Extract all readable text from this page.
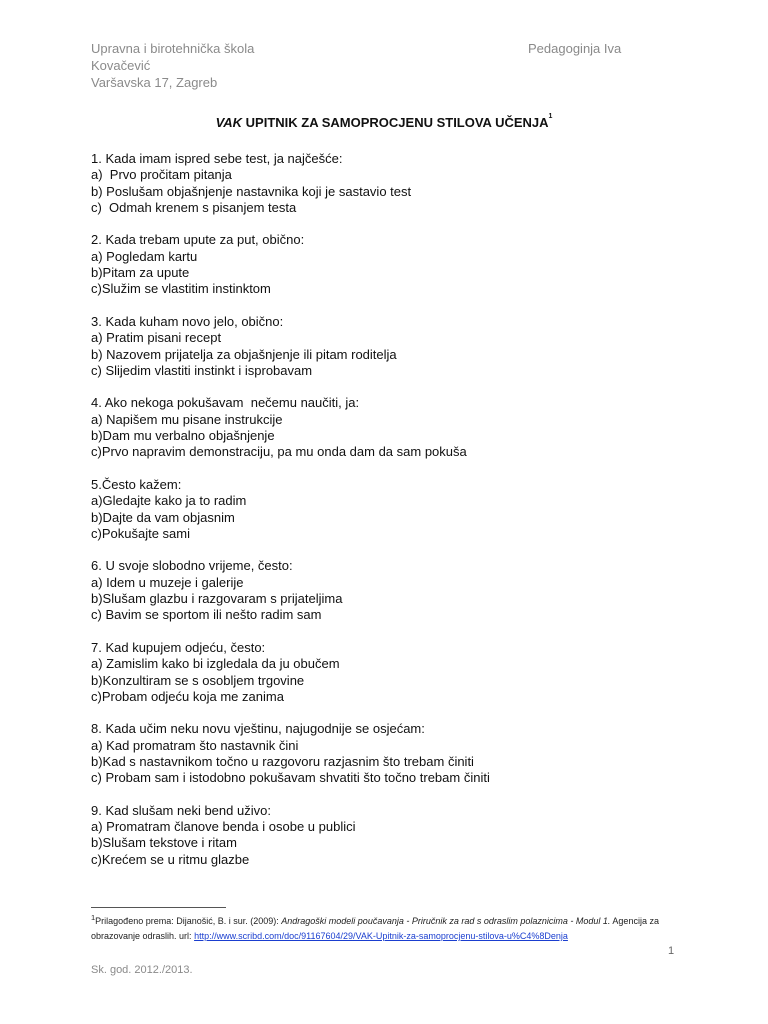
Upravna i birotehnička škola
Kovačević
Varšavska 17, Zagreb
Pedagoginja Iva
VAK UPITNIK ZA SAMOPROCJENU STILOVA UČENJA$^1$

1. Kada imam ispred sebe test, ja najčešće:

a)  Prvo pročitam pitanja

b) Poslušam objašnjenje nastavnika koji je sastavio test

c)  Odmah krenem s pisanjem testa

2. Kada trebam upute za put, obično:

a) Pogledam kartu

b)Pitam za upute

c)Služim se vlastitim instinktom

3. Kada kuham novo jelo, obično:

a) Pratim pisani recept

b) Nazovem prijatelja za objašnjenje ili pitam roditelja

c) Slijedim vlastiti instinkt i isprobavam

4. Ako nekoga pokušavam  nečemu naučiti, ja:

a) Napišem mu pisane instrukcije

b)Dam mu verbalno objašnjenje

c)Prvo napravim demonstraciju, pa mu onda dam da sam pokuša

5.Često kažem:

a)Gledajte kako ja to radim

b)Dajte da vam objasnim

c)Pokušajte sami

6. U svoje slobodno vrijeme, često:

a) Idem u muzeje i galerije

b)Slušam glazbu i razgovaram s prijateljima

c) Bavim se sportom ili nešto radim sam

7. Kad kupujem odjeću, često:

a) Zamislim kako bi izgledala da ju obučem

b)Konzultiram se s osobljem trgovine

c)Probam odjeću koja me zanima

8. Kada učim neku novu vještinu, najugodnije se osjećam:

a) Kad promatram što nastavnik čini

b)Kad s nastavnikom točno u razgovoru razjasnim što trebam činiti

c) Probam sam i istodobno pokušavam shvatiti što točno trebam činiti

9. Kad slušam neki bend uživo:

a) Promatram članove benda i osobe u publici

b)Slušam tekstove i ritam

c)Krećem se u ritmu glazbe

$^1$Prilagođeno prema: Dijanošić, B. i sur. (2009): Andragoški modeli poučavanja - Priručnik za rad s odraslim polaznicima - Modul 1. Agencija za obrazovanje odraslih. url: http://www.scribd.com/doc/91167604/29/VAK-Upitnik-za-samoprocjenu-stilova-u%C4%8Denja
1
Sk. god. 2012./2013.
